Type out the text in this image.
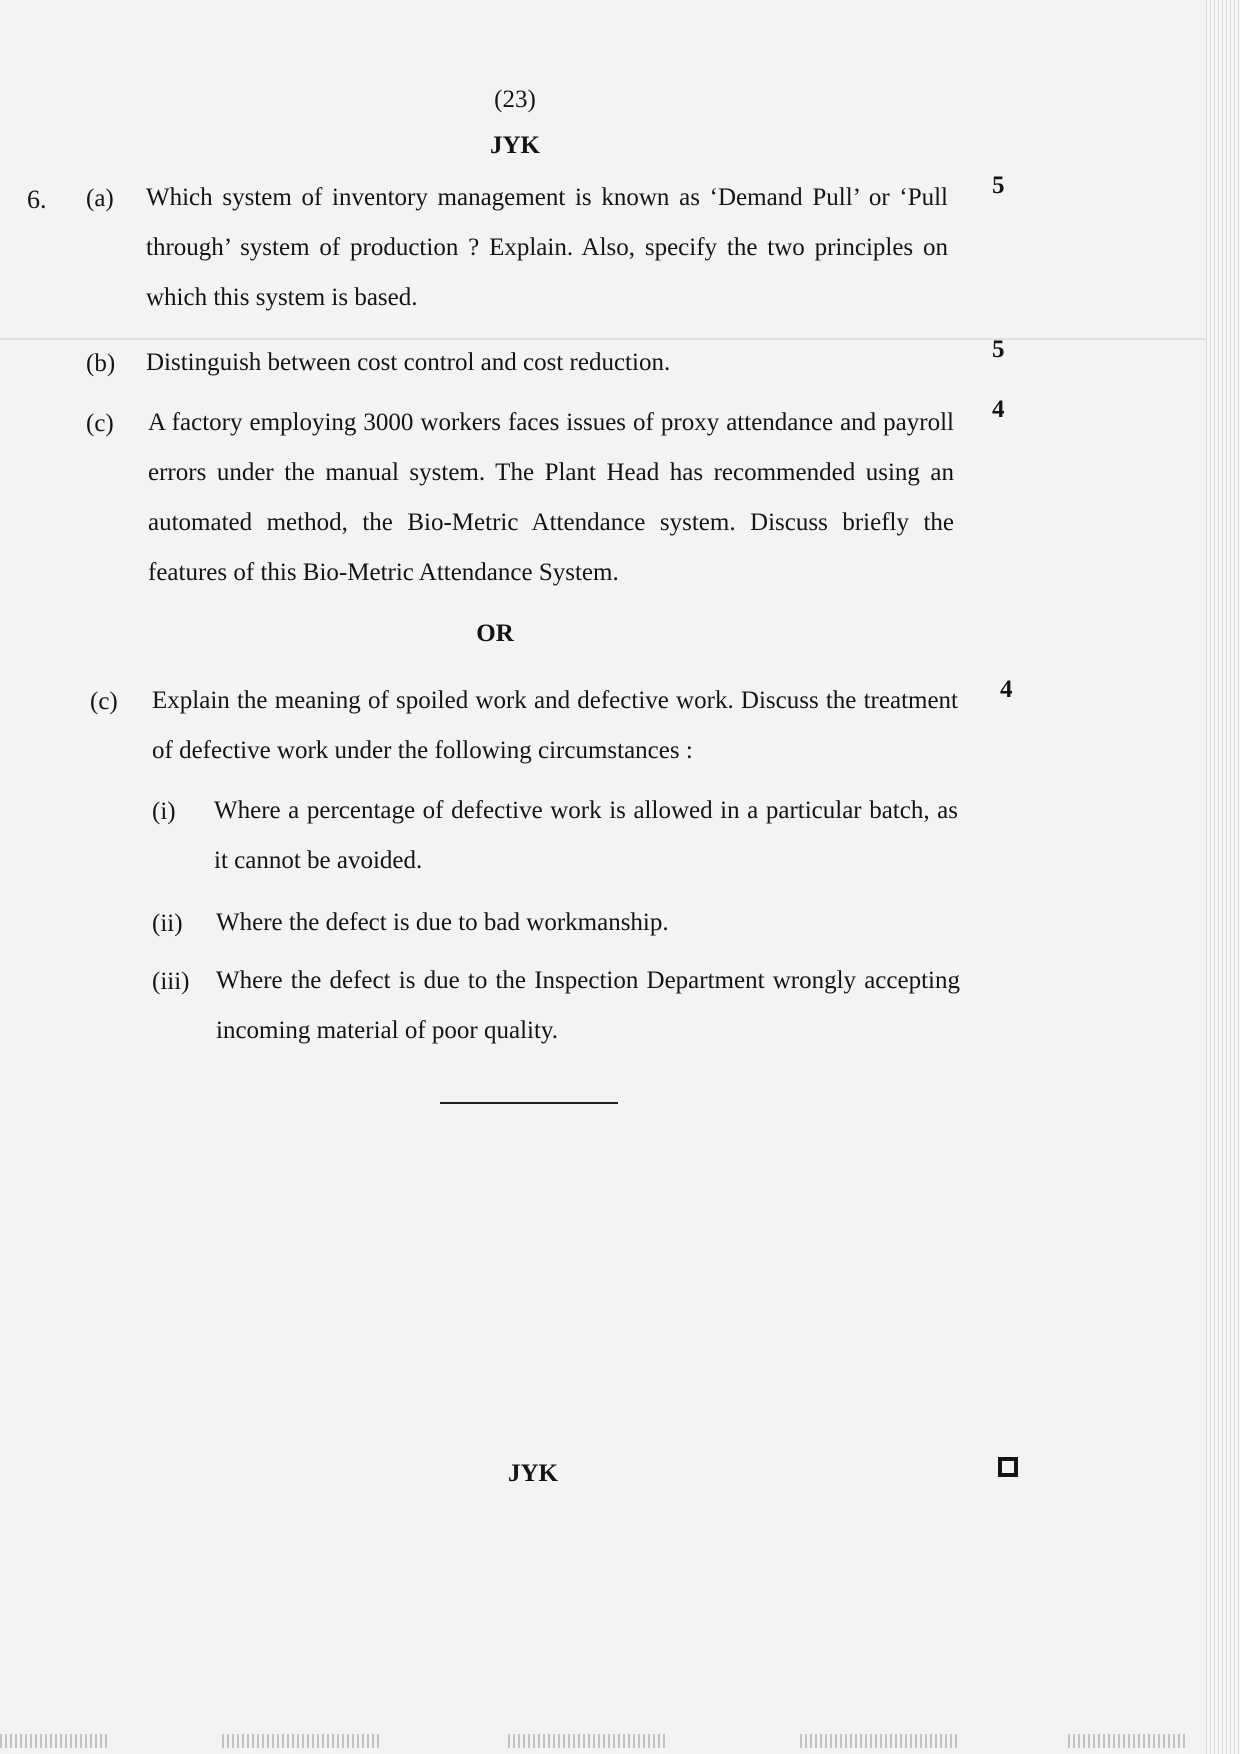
(23)
JYK
6. (a) Which system of inventory management is known as ‘Demand Pull’ or ‘Pull through’ system of production ? Explain. Also, specify the two principles on which this system is based.
5
(b) Distinguish between cost control and cost reduction.	5
(c) A factory employing 3000 workers faces issues of proxy attendance and payroll errors under the manual system. The Plant Head has recommended using an automated method, the Bio-Metric Attendance system. Discuss briefly the features of this Bio-Metric Attendance System.
4
OR
(c) Explain the meaning of spoiled work and defective work. Discuss the treatment of defective work under the following circumstances :
4
(i) Where a percentage of defective work is allowed in a particular batch, as it cannot be avoided.
(ii) Where the defect is due to bad workmanship.
(iii) Where the defect is due to the Inspection Department wrongly accepting incoming material of poor quality.
JYK
